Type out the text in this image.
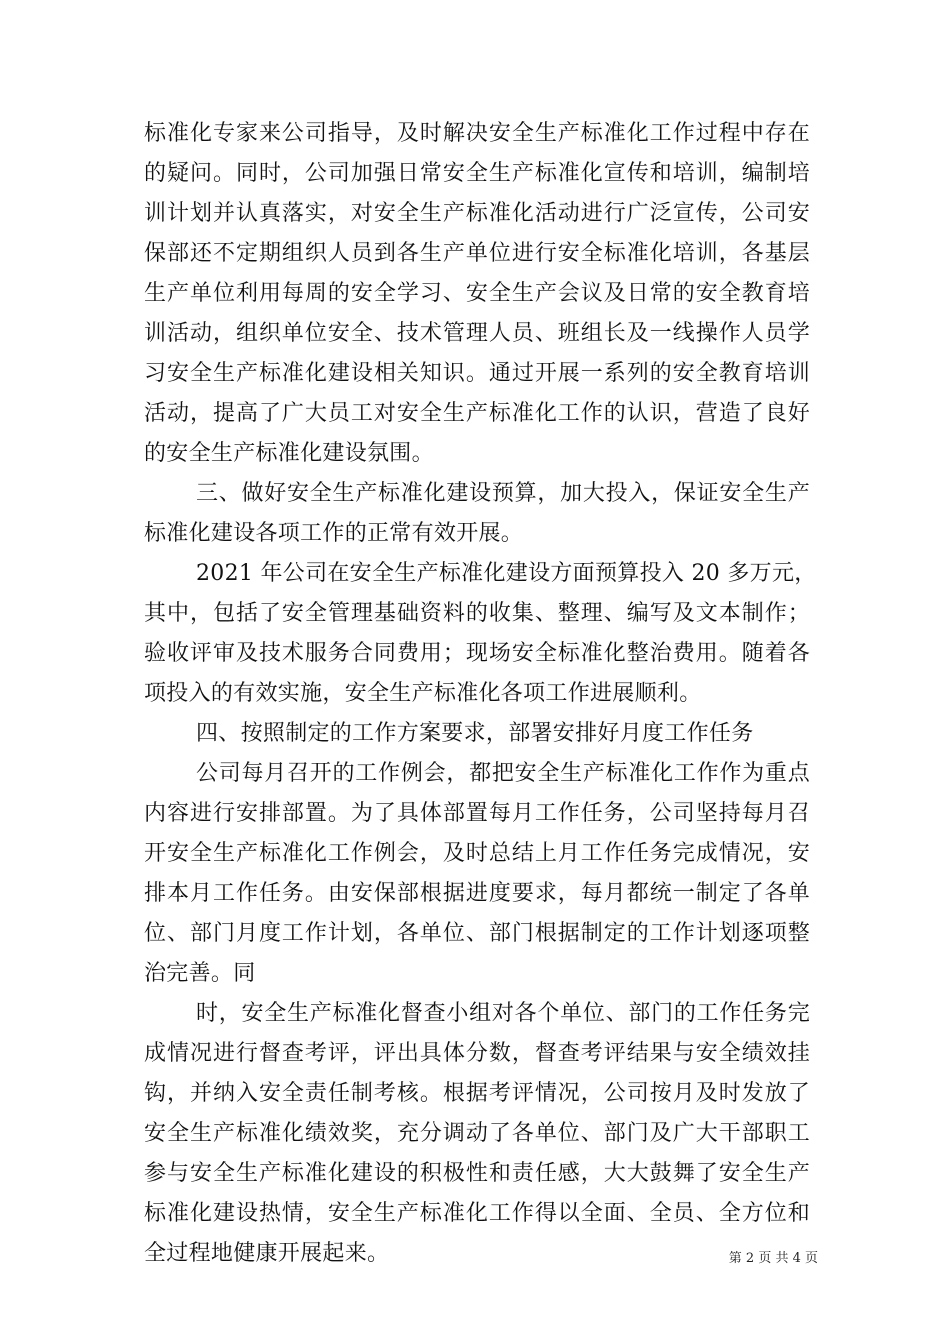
标准化专家来公司指导，及时解决安全生产标准化工作过程中存在
的疑问。同时，公司加强日常安全生产标准化宣传和培训，编制培
训计划并认真落实，对安全生产标准化活动进行广泛宣传，公司安
保部还不定期组织人员到各生产单位进行安全标准化培训，各基层
生产单位利用每周的安全学习、安全生产会议及日常的安全教育培
训活动，组织单位安全、技术管理人员、班组长及一线操作人员学
习安全生产标准化建设相关知识。通过开展一系列的安全教育培训
活动，提高了广大员工对安全生产标准化工作的认识，营造了良好
的安全生产标准化建设氛围。
三、做好安全生产标准化建设预算，加大投入，保证安全生产
标准化建设各项工作的正常有效开展。
2021 年公司在安全生产标准化建设方面预算投入 20 多万元，
其中，包括了安全管理基础资料的收集、整理、编写及文本制作；
验收评审及技术服务合同费用；现场安全标准化整治费用。随着各
项投入的有效实施，安全生产标准化各项工作进展顺利。
四、按照制定的工作方案要求，部署安排好月度工作任务
公司每月召开的工作例会，都把安全生产标准化工作作为重点
内容进行安排部置。为了具体部置每月工作任务，公司坚持每月召
开安全生产标准化工作例会，及时总结上月工作任务完成情况，安
排本月工作任务。由安保部根据进度要求，每月都统一制定了各单
位、部门月度工作计划，各单位、部门根据制定的工作计划逐项整
治完善。同
时，安全生产标准化督查小组对各个单位、部门的工作任务完
成情况进行督查考评，评出具体分数，督查考评结果与安全绩效挂
钩，并纳入安全责任制考核。根据考评情况，公司按月及时发放了
安全生产标准化绩效奖，充分调动了各单位、部门及广大干部职工
参与安全生产标准化建设的积极性和责任感，大大鼓舞了安全生产
标准化建设热情，安全生产标准化工作得以全面、全员、全方位和
全过程地健康开展起来。	第 2 页 共 4 页
